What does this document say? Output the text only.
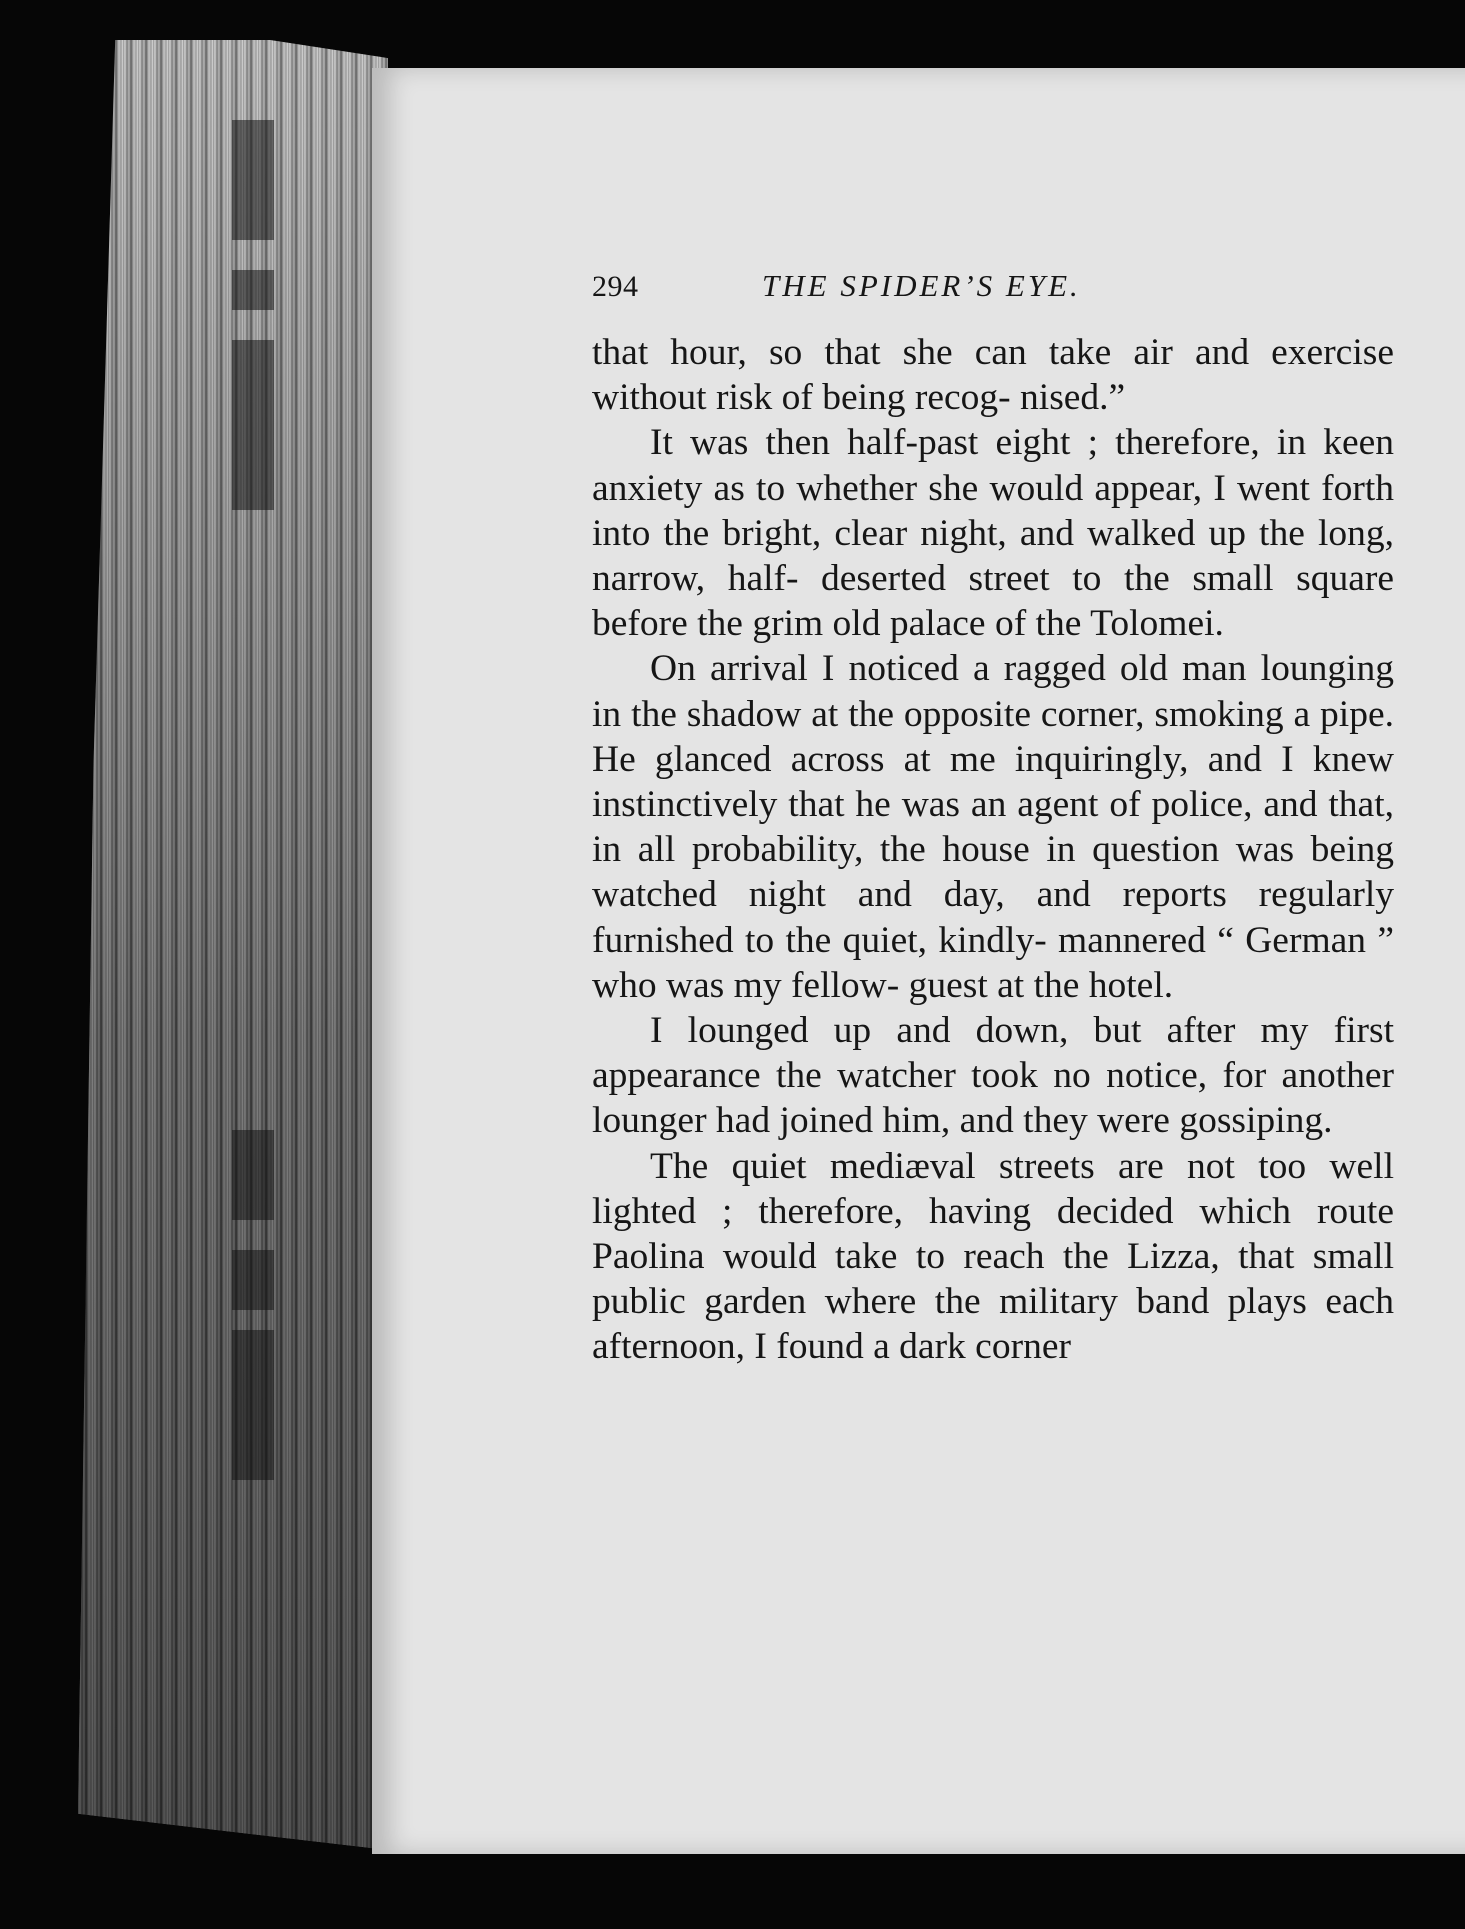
294	THE SPIDER’S EYE.

that hour, so that she can take air and exercise without risk of being recog- nised.”

It was then half-past eight ; therefore, in keen anxiety as to whether she would appear, I went forth into the bright, clear night, and walked up the long, narrow, half- deserted street to the small square before the grim old palace of the Tolomei.

On arrival I noticed a ragged old man lounging in the shadow at the opposite corner, smoking a pipe. He glanced across at me inquiringly, and I knew instinctively that he was an agent of police, and that, in all probability, the house in question was being watched night and day, and reports regularly furnished to the quiet, kindly- mannered “ German ” who was my fellow- guest at the hotel.

I lounged up and down, but after my first appearance the watcher took no notice, for another lounger had joined him, and they were gossiping.

The quiet mediæval streets are not too well lighted ; therefore, having decided which route Paolina would take to reach the Lizza, that small public garden where the military band plays each afternoon, I found a dark corner
